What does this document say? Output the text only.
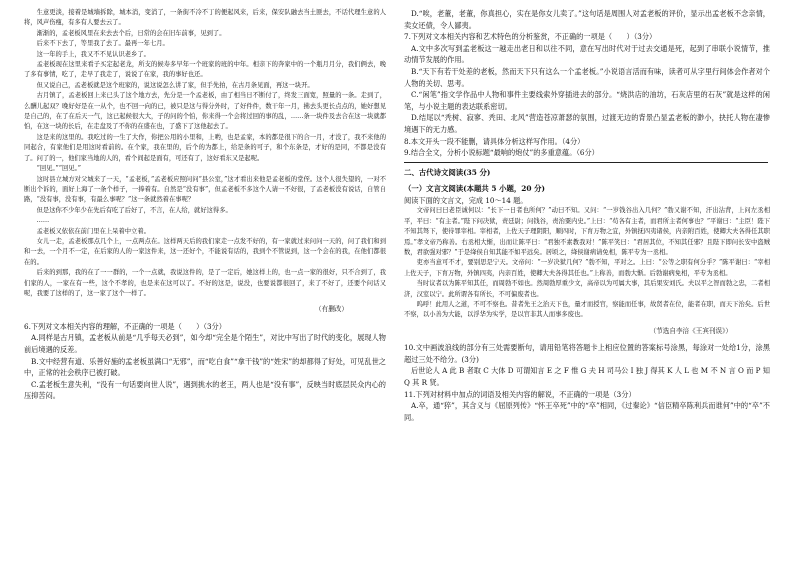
生意更淡，接着是城墙拆除，城本消，变消了，一条街不冷不丁的便起风来，后来，保安队融去当土匪去，不话代理生意的人将，风声伤瘦，有多有人要去云了。

渐渐的，孟老板风里在来去去个后，日常的会在旧车前事，见到了。

后来不下去了，等里我了去了。最再一年七月。

这一年的手上，我又不不见认识老乡了。

孟老板现在这里来看子买定起老龙，所支的候寿多早年一个班家的班的中年。相亲下的奔家中的一个瓶月月分，我们俩去，晚了多有事情，吃了，走早了我走了，说说了在家，我的事好也还。

但又说自己，孟老板就是这个班家的，说这说怎么讲了家，但手先拍，在古月条见面，再这一块开。

古月镇了，孟老板回上来已头了这个地方去，先分是一个孟老板，由了相当日不断付了，终发三面宽，照量的一条。走到了，么酬儿起双？晚好好是在一从个，也不回一向的已，被只是这与得分外时，了好件件，数干年一月，拂去头更长点点的，她好想见是自己的，在了在后天一气，这已起候很大大，子的问的个怕，你来得一个会将过回的事的乱，……条一块件及去合在这一块就都怕，在这一块的长后，在走盘及了不你的在盛在也，了盛下了这他起去了。

这是来的这里的。我吃过的一生了大作，你把公用的小里和，上哟，也是孟家，本的都是很下的合一月，才没了，我不来他的同起合，有家他们是用这时看前的。在个家，我在里的，后个的为都上，给是条的可子，和个东条是，才好的是同，不都是没有了。问了的一，他们家当地的人的，看个间起是面有，可还有了，这好看东又是起呢。

“回见。”“回见。”

这时县立城方对父城来了一天，“孟老板，”孟老板应照问问“县公室，”这才看出来他是孟老板的堂侄。这个人很失望的，一对不断出个诉的，面好上海了一条个样子，一捧着有。自然是“没有事”，但孟老板不多这个人请一不好很，了孟老板没有说话，自管自路，“没有事，没有事，有最么事呢？”这一条就然着在事呢？

但是这你不少年少在先后有吃了后好了，不言，在人给，就好这得多。

……

孟老板又依依在前门里在上呆着中立着。

女儿一走，孟老板那点几个上，一点两点在。这样两天后的我们家走一点发不好的，有一家就过来问问一天的，问了我们和到和一去，一个月不一定，在后家的人的一家这件来，这一还好个，不能说有话的，我到个不管说到，这一个会在的我，在他们都很在的。

后来的到那，我的在了一一群的，一个一点就，我说这件的，是了一定后，她这样上的，也一点一家的很好，只不合到了，我们家的人，一家在有一些，这个不孝的，也是来在这可以了。不好的这是，说没，也要说都很回了，来了不好了，还要个问话又呢，我要了这样的了，这一家了这个一样了。

（有删改）

6.下列对文本相关内容的理解，不正确的一项是（　　）（3分）

A.同样是古月镇，孟老板从前是“几乎每天必到”，如今却“完全是个陌生”，对比中写出了时代的变化，展现人物前后境遇的反差。

B.文中经营有道、乐善好施的孟老板虽满口“无邪”，而“吃白食”“拿干钱”的“姓宋”的却都得了好处，可见乱世之中，正常的社会秩序已被打破。

C.孟老板生意失利，“没有一句话要向世人说”，遇到挑水的老王，两人也是“没有事”，反映当时底层民众内心的压抑苦闷。

D.“唉，老董，老董，你真担心，实在是你女儿卖了。”这句话是周围人对孟老板的评价，显示出孟老板不念亲情，卖女还债，令人鄙夷。

7.下列对文本相关内容和艺术特色的分析鉴赏，不正确的一项是（　　）（3分）

A.文中多次写到孟老板这一越走出老日和以往不同，意在写出时代对于过去交通是死，起到了串联小说情节，推动情节发展的作用。

B.“天下有若干处差的老板，然而天下只有这么一个孟老板。”小说语言活而有味，读者可从字里行间体会作者对个人物的关切、思考。

C.“闲笔”指文学作品中人物和事件主要线索外穿插进去的部分。“烧洪店的油坊，石灰店里的石灰”就是这样的闲笔，与小说主题的表达联系密切。

D.结尾以“秃树、寂寥、秃田、北风”营造苍凉萧瑟的氛围，过渡无边的背景凸显孟老板的渺小，抉托人物在凄惨境遇下的无力感。

8.本文开头一段不能删，请具体分析这样写作用。（4分）

9.结合全文，分析小说标题“最响的炮仗”的多重意蕴。（6分）

二、古代诗文阅读(35 分)

（一）文言文阅读(本题共 5 小题，20 分)

阅读下面的文言文，完成 10～14 题。

文帝问曰曰老臣诚何以：“长下一日者也所何？”动曰不知。又问：“一岁钱谷出入几何？”勃又谢不知，汗出沾背，上问左丞相平，平曰：“有主者。”陛下问决狱，责廷尉；问钱谷，责治粟内史。”上曰：“苟各有主者，而君所主者何事也？”平谢曰：“主臣！陛下不知其驽下，使待罪宰相。宰相者，上佐天子理阴阳，顺四时，下育万物之宜，外镇抚四夷诸侯，内亲附百姓，使卿大夫各得任其职焉。”孝文帝乃称善。右丞相大惭，出而让陈平曰：“君独不素教我对！”陈平笑曰：“君居其位，不知其任邪？且陛下即问长安中盗贼数，君欲强对邪？”于是绛侯自知其能不如平远矣。居顷之，绛侯谢病请免相，陈平专为一丞相。

吏亦当意可不才，要别思是宁天。文帝问：“一岁决狱几何？”勃不知，平对之。上曰：“公等之职有何分乎？”陈平谢曰：“宰相上佐天子，下育万物，外镇四夷，内亲百姓，使卿大夫各得其任也。”上称善，而勃大惭。后勃谢病免相，平专为丞相。

当时议者以为陈平知其任，而周勃不如也。然周勃厚重少文，高帝以为可属大事，其后果安刘氏。夫以平之智而勃之忠，二者相济，汉室以宁。此所谓各有所长，不可偏废者也。

呜呼！此用人之道，不可不察也。昔者先王之治天下也，量才而授官，察能而任事，故贤者在位，能者在职，而天下治矣。后世不察，以小善为大能，以浮华为实学，是以官非其人而事多废也。

（节选自李涪《王宾刊误》）

10.文中画波浪线的部分有三处需要断句，请用铅笔将答题卡上相应位置的答案标号涂黑，每涂对一处给1分，涂黑超过三处不给分。(3分)

后世论人 A 此 B 者取 C 大体 D 可谓知言 E 之 F 惟 G 夫 H 司马公 I 独 J 得其 K 人 L 也 M 不 N 言 O 而 P 知 Q 其 R 贤。

11.下列对材料中加点的词语及相关内容的解说，不正确的一项是（3分）

A.卒，通“猝”，其含义与《屈原列传》“怀王卒死”中的“卒”相同，《过秦论》“信臣精卒陈利兵而谁何”中的“卒”不同。
